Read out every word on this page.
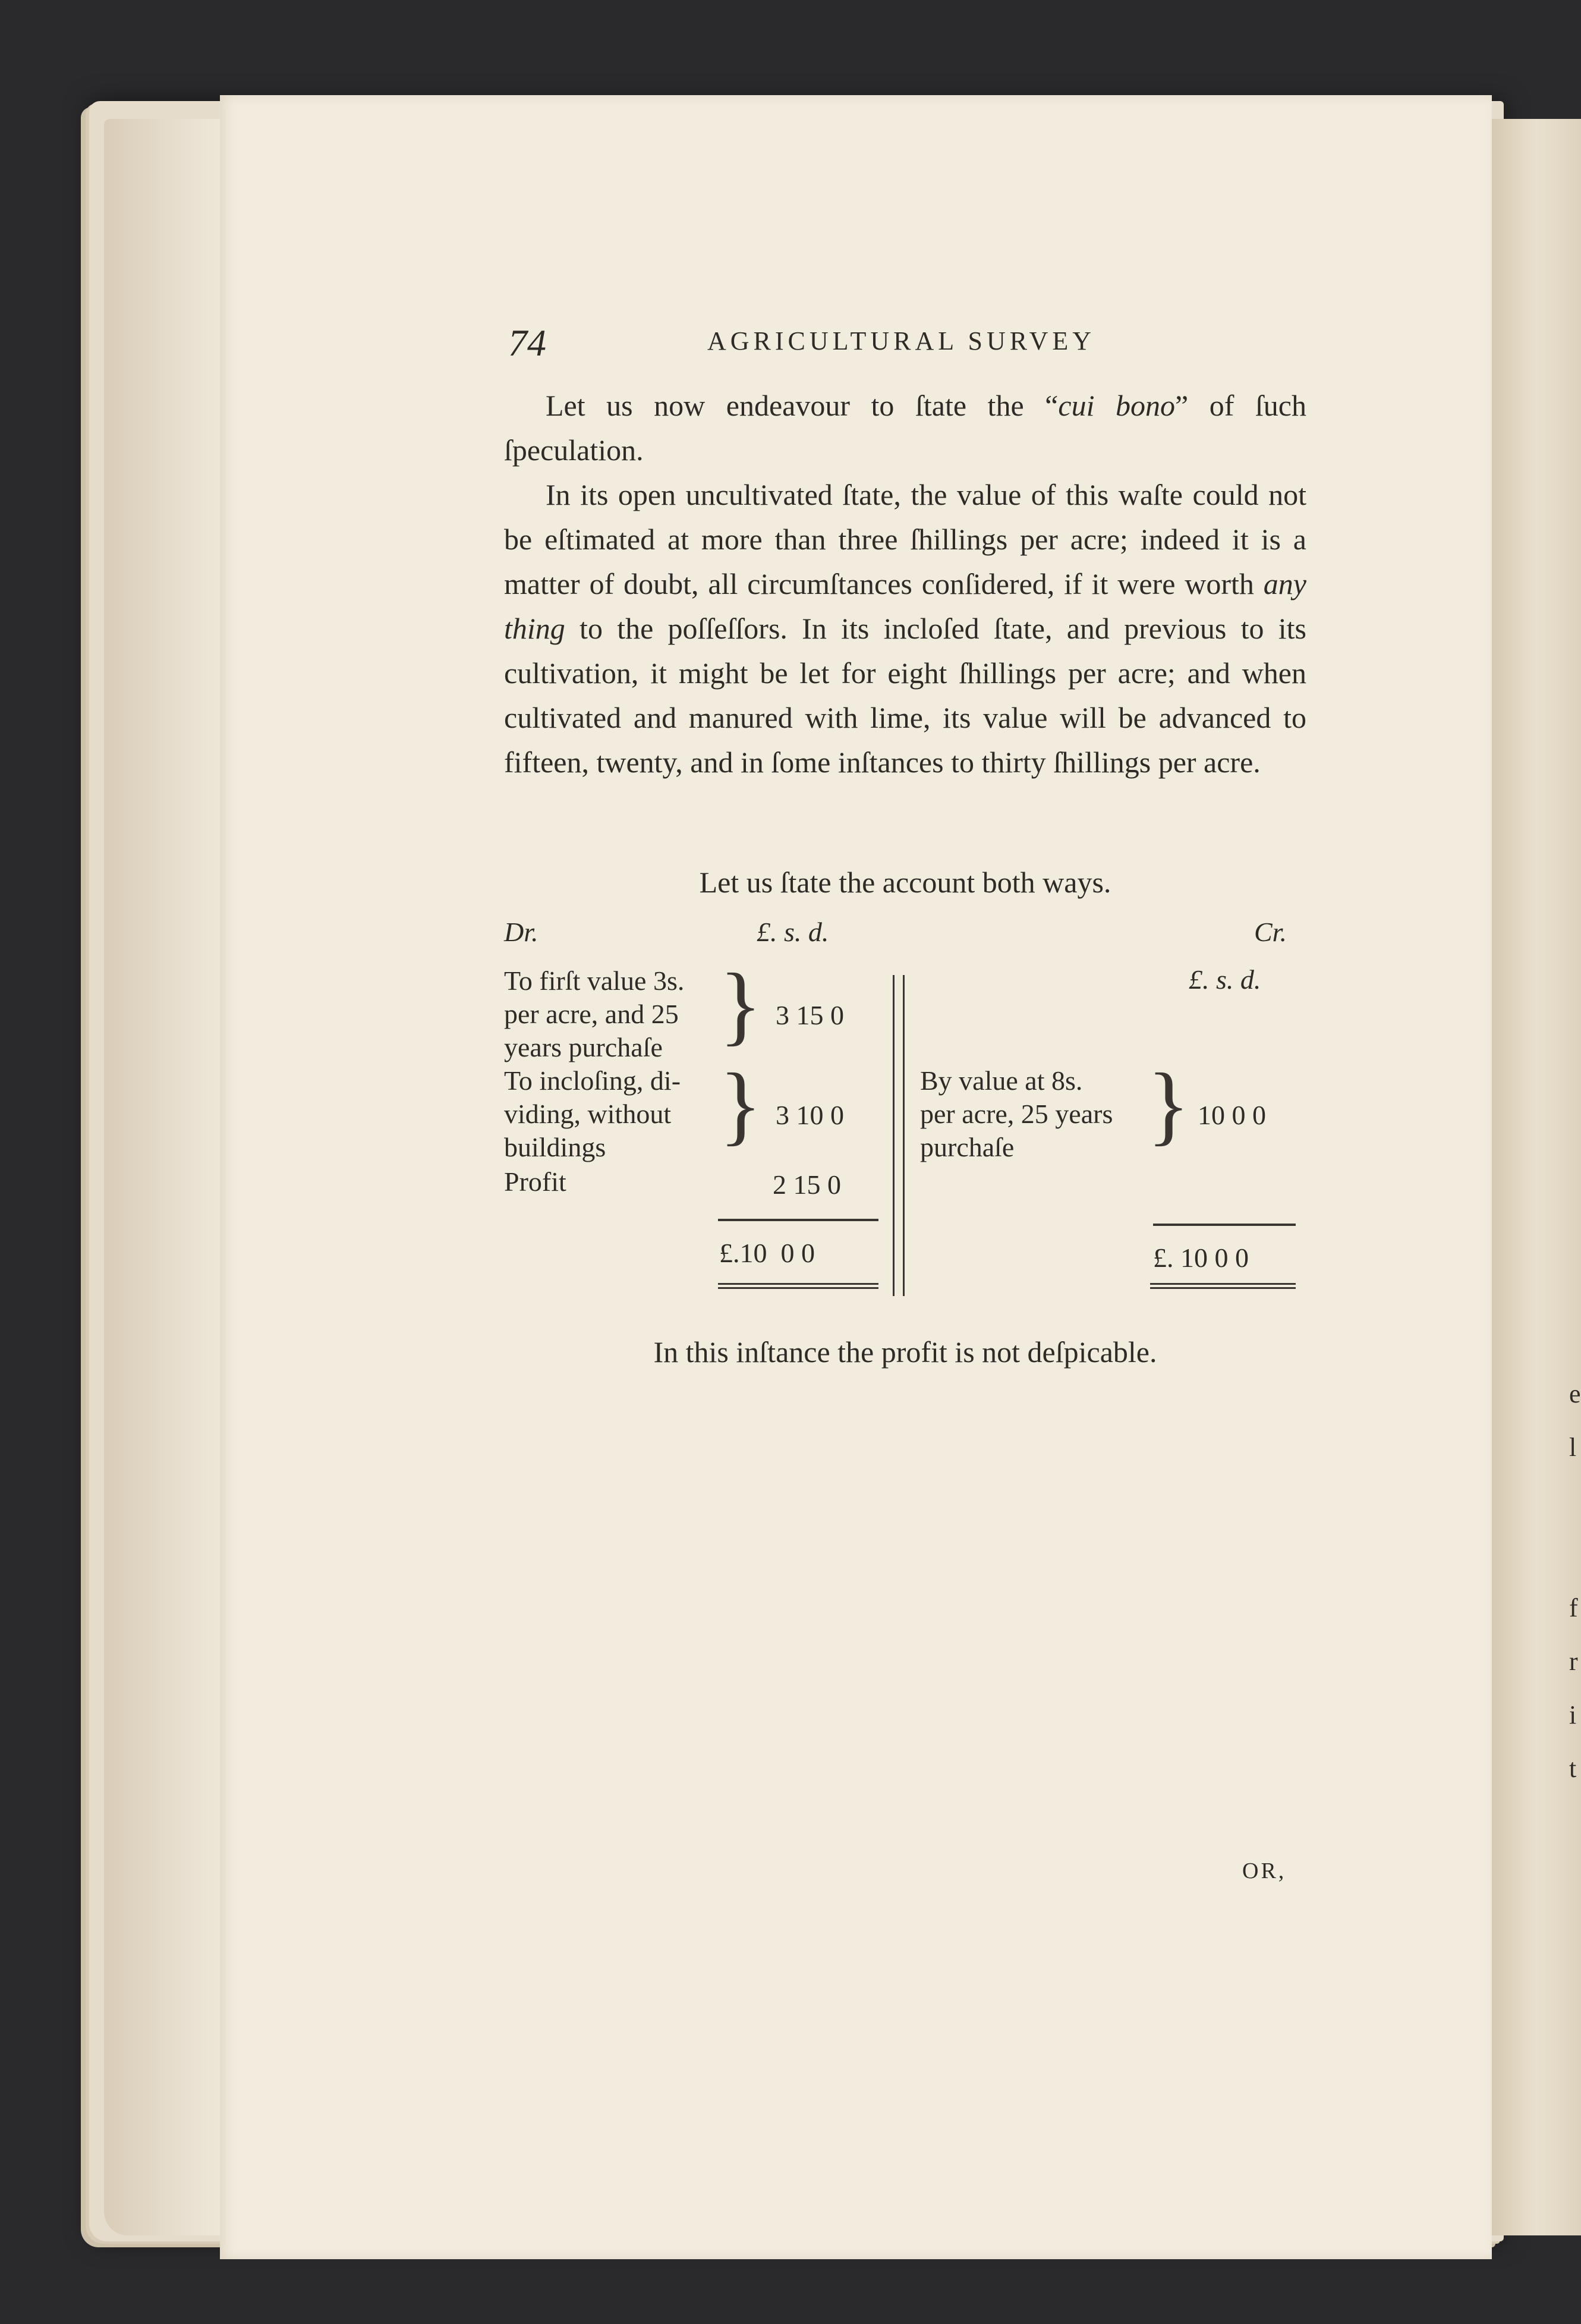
e
l
f
r
i
t
74	AGRICULTURAL SURVEY

Let us now endeavour to ſtate the “cui bono” of ſuch ſpeculation.

In its open uncultivated ſtate, the value of this waſte could not be eſtimated at more than three ſhillings per acre; indeed it is a matter of doubt, all circumſtances conſidered, if it were worth any thing to the poſſeſſors. In its incloſed ſtate, and previous to its cultivation, it might be let for eight ſhillings per acre; and when cultivated and manured with lime, its value will be advanced to fifteen, twenty, and in ſome inſtances to thirty ſhillings per acre.

Let us ſtate the account both ways.
Dr.	£. s. d.	Cr.
£. s. d.
To firſt value 3s.
per acre, and 25
years purchaſe } 3 15 0
To incloſing, di-
viding, without
buildings	} 3 10 0
Profit	2 15 0
£.10  0 0
By value at 8s.
per acre, 25 years
purchaſe	} 10 0 0
£. 10 0 0
In this inſtance the profit is not deſpicable.
OR,
